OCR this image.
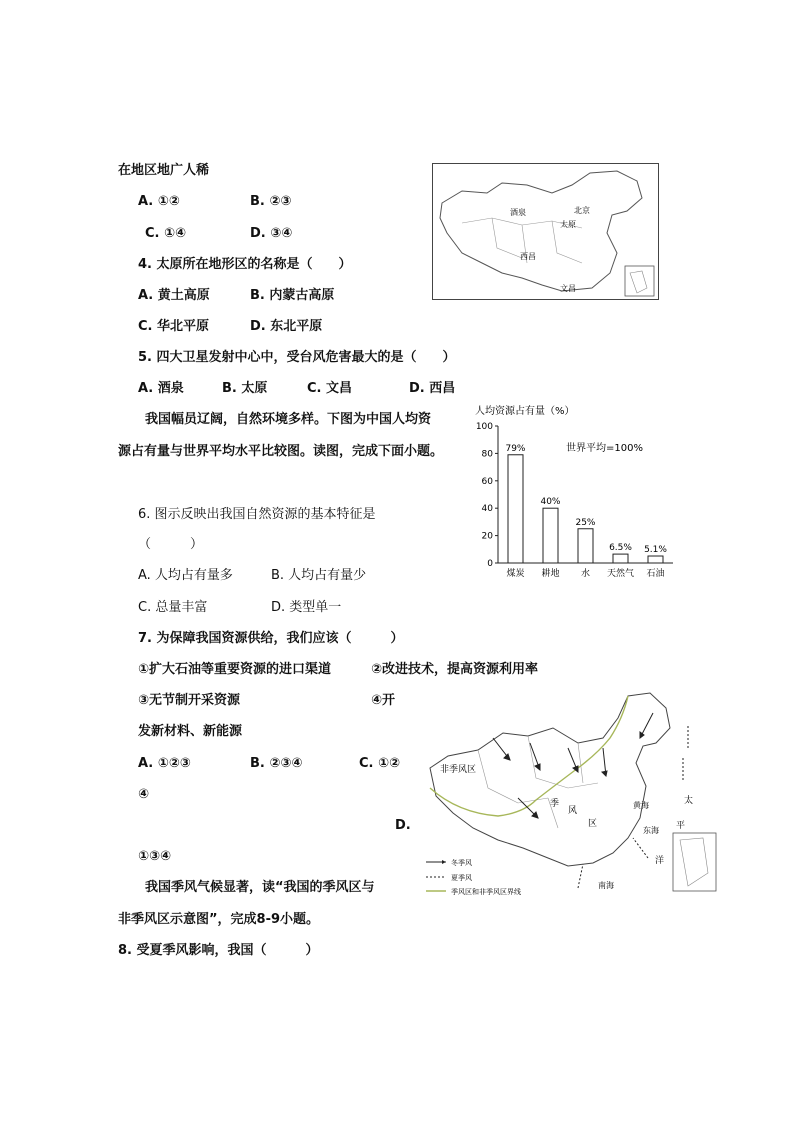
在地区地广人稀
A. ①②	B. ②③
C. ①④	D. ③④
4. 太原所在地形区的名称是（　　）
A. 黄土高原	B. 内蒙古高原
C. 华北平原	D. 东北平原
5. 四大卫星发射中心中，受台风危害最大的是（　　）
A. 酒泉	B. 太原	C. 文昌	D. 西昌
我国幅员辽阔，自然环境多样。下图为中国人均资
源占有量与世界平均水平比较图。读图，完成下面小题。
6. 图示反映出我国自然资源的基本特征是
（　　　）
A. 人均占有量多	B. 人均占有量少
C. 总量丰富	D. 类型单一
7. 为保障我国资源供给，我们应该（　　　）
①扩大石油等重要资源的进口渠道	②改进技术，提高资源利用率
③无节制开采资源	④开
发新材料、新能源
A. ①②③	B. ②③④	C. ①②
④
D.
①③④
我国季风气候显著，读“我国的季风区与
非季风区示意图”，完成8-9小题。
8. 受夏季风影响，我国（　　　）
北京
酒泉
太原
西昌
文昌
人均资源占有量（%）
世界平均=100%
0
20
40
60
80
100
79%
煤炭
40%
耕地
25%
水
6.5%
天然气
5.1%
石油
非季风区
季
风
区
黄海
东海
南海
太
平
洋
冬季风
夏季风
季风区和非季风区界线
